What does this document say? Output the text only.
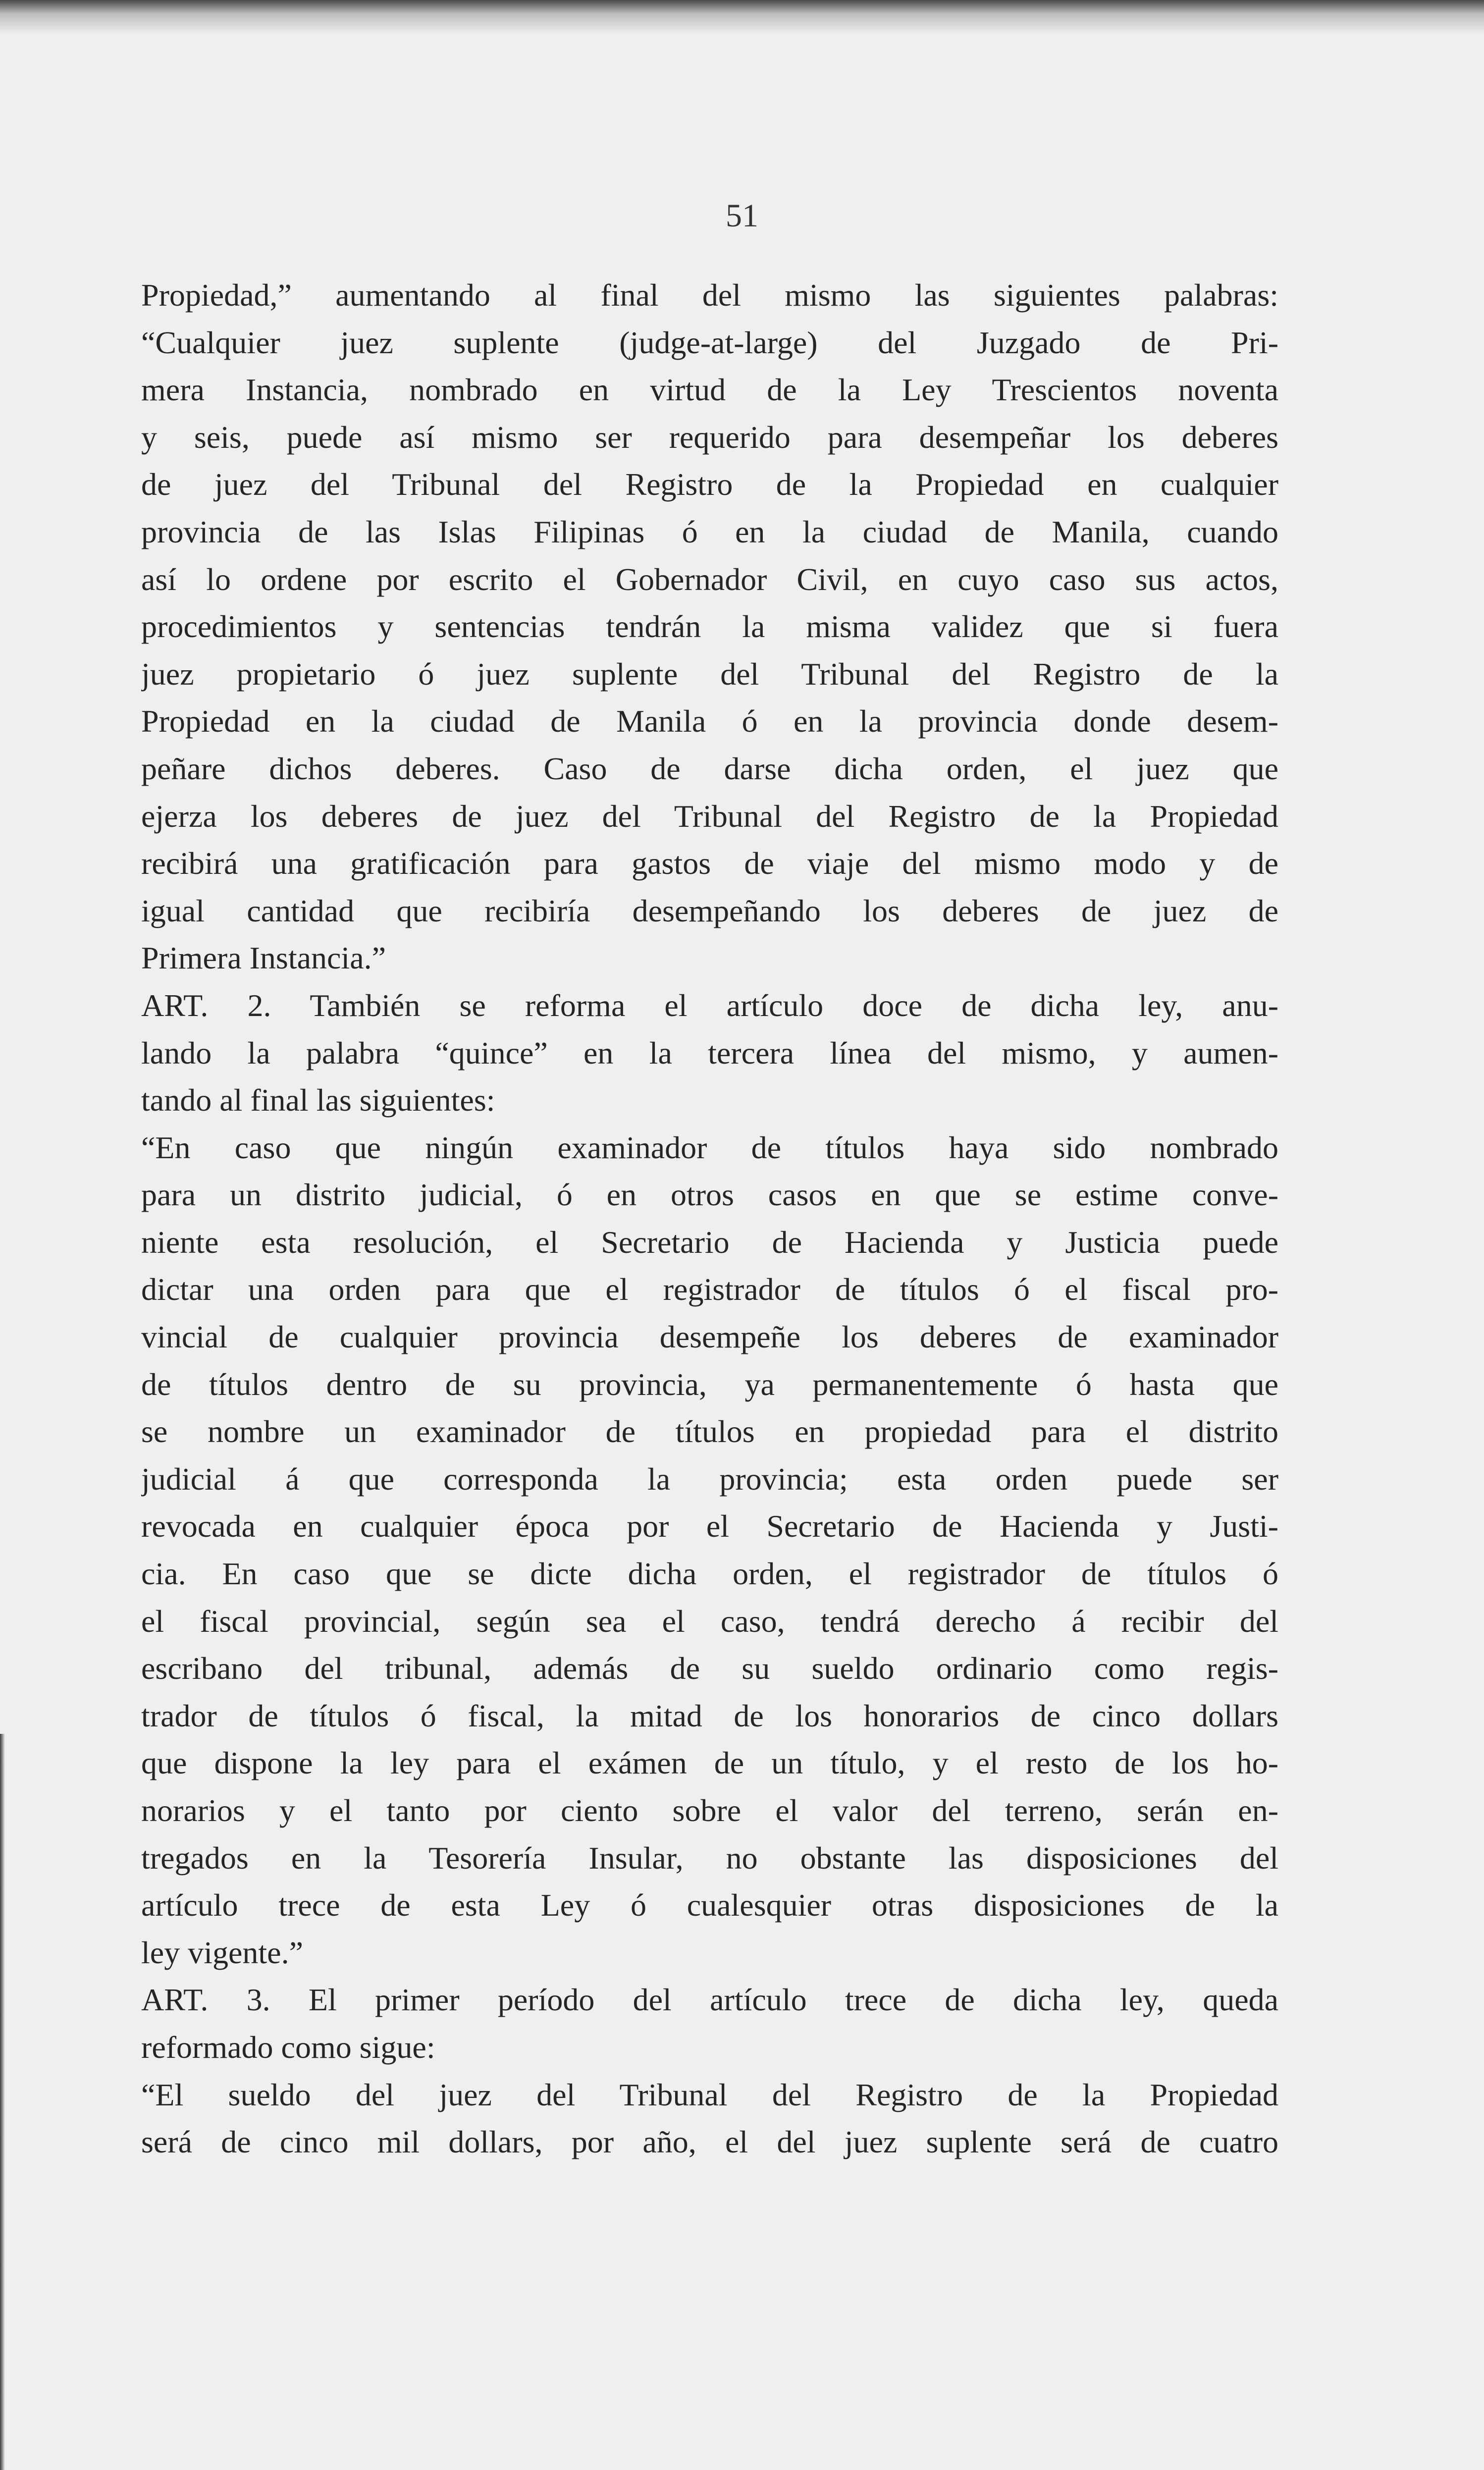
51
Propiedad,” aumentando al final del mismo las siguientes palabras:
“Cualquier juez suplente (judge-at-large) del Juzgado de Pri-
mera Instancia, nombrado en virtud de la Ley Trescientos noventa
y seis, puede así mismo ser requerido para desempeñar los deberes
de juez del Tribunal del Registro de la Propiedad en cualquier
provincia de las Islas Filipinas ó en la ciudad de Manila, cuando
así lo ordene por escrito el Gobernador Civil, en cuyo caso sus actos,
procedimientos y sentencias tendrán la misma validez que si fuera
juez propietario ó juez suplente del Tribunal del Registro de la
Propiedad en la ciudad de Manila ó en la provincia donde desem-
peñare dichos deberes. Caso de darse dicha orden, el juez que
ejerza los deberes de juez del Tribunal del Registro de la Propiedad
recibirá una gratificación para gastos de viaje del mismo modo y de
igual cantidad que recibiría desempeñando los deberes de juez de
Primera Instancia.”
ART. 2. También se reforma el artículo doce de dicha ley, anu-
lando la palabra “quince” en la tercera línea del mismo, y aumen-
tando al final las siguientes:
“En caso que ningún examinador de títulos haya sido nombrado
para un distrito judicial, ó en otros casos en que se estime conve-
niente esta resolución, el Secretario de Hacienda y Justicia puede
dictar una orden para que el registrador de títulos ó el fiscal pro-
vincial de cualquier provincia desempeñe los deberes de examinador
de títulos dentro de su provincia, ya permanentemente ó hasta que
se nombre un examinador de títulos en propiedad para el distrito
judicial á que corresponda la provincia; esta orden puede ser
revocada en cualquier época por el Secretario de Hacienda y Justi-
cia. En caso que se dicte dicha orden, el registrador de títulos ó
el fiscal provincial, según sea el caso, tendrá derecho á recibir del
escribano del tribunal, además de su sueldo ordinario como regis-
trador de títulos ó fiscal, la mitad de los honorarios de cinco dollars
que dispone la ley para el exámen de un título, y el resto de los ho-
norarios y el tanto por ciento sobre el valor del terreno, serán en-
tregados en la Tesorería Insular, no obstante las disposiciones del
artículo trece de esta Ley ó cualesquier otras disposiciones de la
ley vigente.”
ART. 3. El primer período del artículo trece de dicha ley, queda
reformado como sigue:
“El sueldo del juez del Tribunal del Registro de la Propiedad
será de cinco mil dollars, por año, el del juez suplente será de cuatro
